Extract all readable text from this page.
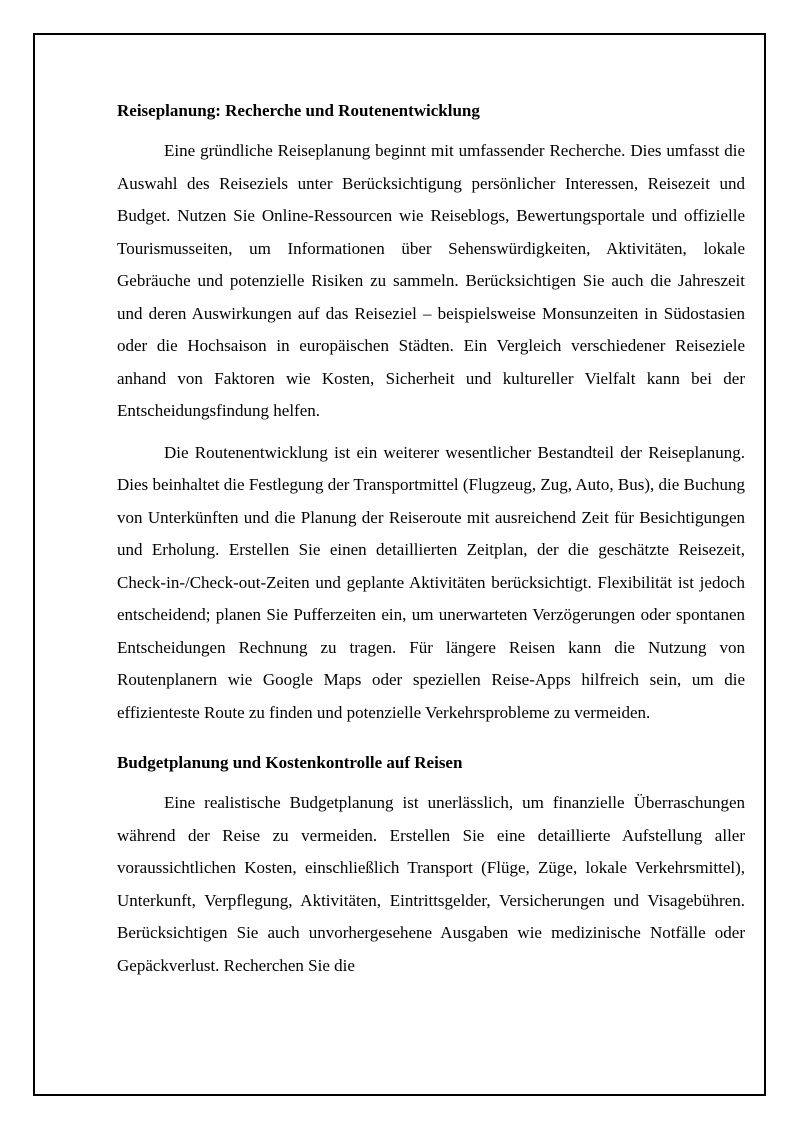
Reiseplanung: Recherche und Routenentwicklung

Eine gründliche Reiseplanung beginnt mit umfassender Recherche. Dies umfasst die Auswahl des Reiseziels unter Berücksichtigung persönlicher Interessen, Reisezeit und Budget. Nutzen Sie Online-Ressourcen wie Reiseblogs, Bewertungsportale und offizielle Tourismusseiten, um Informationen über Sehenswürdigkeiten, Aktivitäten, lokale Gebräuche und potenzielle Risiken zu sammeln. Berücksichtigen Sie auch die Jahreszeit und deren Auswirkungen auf das Reiseziel – beispielsweise Monsunzeiten in Südostasien oder die Hochsaison in europäischen Städten. Ein Vergleich verschiedener Reiseziele anhand von Faktoren wie Kosten, Sicherheit und kultureller Vielfalt kann bei der Entscheidungsfindung helfen.

Die Routenentwicklung ist ein weiterer wesentlicher Bestandteil der Reiseplanung. Dies beinhaltet die Festlegung der Transportmittel (Flugzeug, Zug, Auto, Bus), die Buchung von Unterkünften und die Planung der Reiseroute mit ausreichend Zeit für Besichtigungen und Erholung. Erstellen Sie einen detaillierten Zeitplan, der die geschätzte Reisezeit, Check-in-/Check-out-Zeiten und geplante Aktivitäten berücksichtigt. Flexibilität ist jedoch entscheidend; planen Sie Pufferzeiten ein, um unerwarteten Verzögerungen oder spontanen Entscheidungen Rechnung zu tragen. Für längere Reisen kann die Nutzung von Routenplanern wie Google Maps oder speziellen Reise-Apps hilfreich sein, um die effizienteste Route zu finden und potenzielle Verkehrsprobleme zu vermeiden.

Budgetplanung und Kostenkontrolle auf Reisen

Eine realistische Budgetplanung ist unerlässlich, um finanzielle Überraschungen während der Reise zu vermeiden. Erstellen Sie eine detaillierte Aufstellung aller voraussichtlichen Kosten, einschließlich Transport (Flüge, Züge, lokale Verkehrsmittel), Unterkunft, Verpflegung, Aktivitäten, Eintrittsgelder, Versicherungen und Visagebühren. Berücksichtigen Sie auch unvorhergesehene Ausgaben wie medizinische Notfälle oder Gepäckverlust. Recherchen Sie die
